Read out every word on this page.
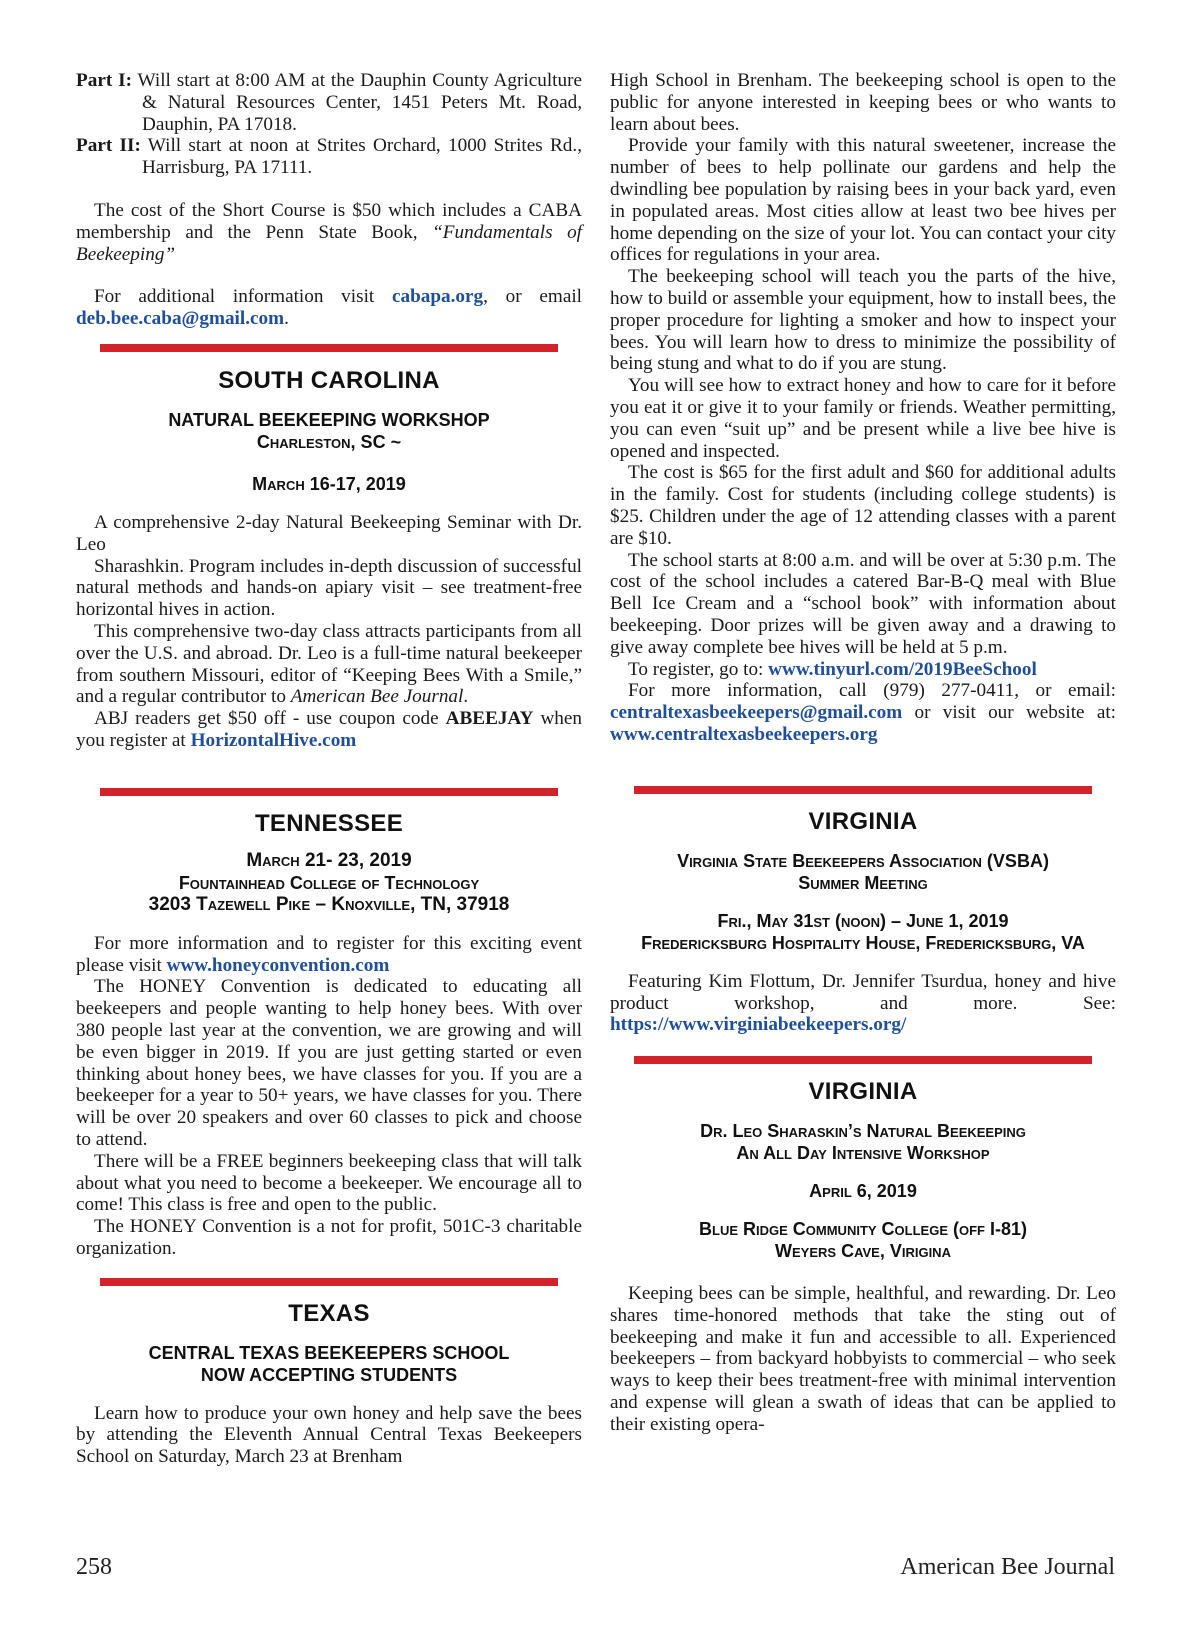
Part I: Will start at 8:00 AM at the Dauphin County Agriculture & Natural Resources Center, 1451 Peters Mt. Road, Dauphin, PA 17018.
Part II: Will start at noon at Strites Orchard, 1000 Strites Rd., Harrisburg, PA 17111.

The cost of the Short Course is $50 which includes a CABA membership and the Penn State Book, “Fundamentals of Beekeeping”

For additional information visit cabapa.org, or email deb.bee.caba@gmail.com.

SOUTH CAROLINA
NATURAL BEEKEEPING WORKSHOP
Charleston, SC ~
March 16-17, 2019

A comprehensive 2-day Natural Beekeeping Seminar with Dr. Leo

Sharashkin. Program includes in-depth discussion of successful natural methods and hands-on apiary visit – see treatment-free horizontal hives in action.

This comprehensive two-day class attracts participants from all over the U.S. and abroad. Dr. Leo is a full-time natural beekeeper from southern Missouri, editor of “Keeping Bees With a Smile,” and a regular contributor to American Bee Journal.

ABJ readers get $50 off - use coupon code ABEEJAY when you register at HorizontalHive.com

TENNESSEE
March 21- 23, 2019
Fountainhead College of Technology
3203 Tazewell Pike – Knoxville, TN, 37918

For more information and to register for this exciting event please visit www.honeyconvention.com

The HONEY Convention is dedicated to educating all beekeepers and people wanting to help honey bees. With over 380 people last year at the convention, we are growing and will be even bigger in 2019. If you are just getting started or even thinking about honey bees, we have classes for you. If you are a beekeeper for a year to 50+ years, we have classes for you. There will be over 20 speakers and over 60 classes to pick and choose to attend.

There will be a FREE beginners beekeeping class that will talk about what you need to become a beekeeper. We encourage all to come! This class is free and open to the public.

The HONEY Convention is a not for profit, 501C-3 charitable organization.

TEXAS
CENTRAL TEXAS BEEKEEPERS SCHOOL
NOW ACCEPTING STUDENTS

Learn how to produce your own honey and help save the bees by attending the Eleventh Annual Central Texas Beekeepers School on Saturday, March 23 at Brenham

High School in Brenham. The beekeeping school is open to the public for anyone interested in keeping bees or who wants to learn about bees.

Provide your family with this natural sweetener, increase the number of bees to help pollinate our gardens and help the dwindling bee population by raising bees in your back yard, even in populated areas. Most cities allow at least two bee hives per home depending on the size of your lot. You can contact your city offices for regulations in your area.

The beekeeping school will teach you the parts of the hive, how to build or assemble your equipment, how to install bees, the proper procedure for lighting a smoker and how to inspect your bees. You will learn how to dress to minimize the possibility of being stung and what to do if you are stung.

You will see how to extract honey and how to care for it before you eat it or give it to your family or friends. Weather permitting, you can even “suit up” and be present while a live bee hive is opened and inspected.

The cost is $65 for the first adult and $60 for additional adults in the family. Cost for students (including college students) is $25. Children under the age of 12 attending classes with a parent are $10.

The school starts at 8:00 a.m. and will be over at 5:30 p.m. The cost of the school includes a catered Bar-B-Q meal with Blue Bell Ice Cream and a “school book” with information about beekeeping. Door prizes will be given away and a drawing to give away complete bee hives will be held at 5 p.m.

To register, go to: www.tinyurl.com/2019BeeSchool

For more information, call (979) 277-0411, or email: centraltexasbeekeepers@gmail.com or visit our website at: www.centraltexasbeekeepers.org

VIRGINIA
Virginia State Beekeepers Association (VSBA)
Summer Meeting
Fri., May 31st (noon) – June 1, 2019
Fredericksburg Hospitality House, Fredericksburg, VA

Featuring Kim Flottum, Dr. Jennifer Tsurdua, honey and hive product workshop, and more. See: https://www.virginiabeekeepers.org/

VIRGINIA
Dr. Leo Sharaskin’s Natural Beekeeping
An All Day Intensive Workshop
April 6, 2019
Blue Ridge Community College (off I-81)
Weyers Cave, Virigina

Keeping bees can be simple, healthful, and rewarding. Dr. Leo shares time-honored methods that take the sting out of beekeeping and make it fun and accessible to all. Experienced beekeepers – from backyard hobbyists to commercial – who seek ways to keep their bees treatment-free with minimal intervention and expense will glean a swath of ideas that can be applied to their existing opera-

258	American Bee Journal
